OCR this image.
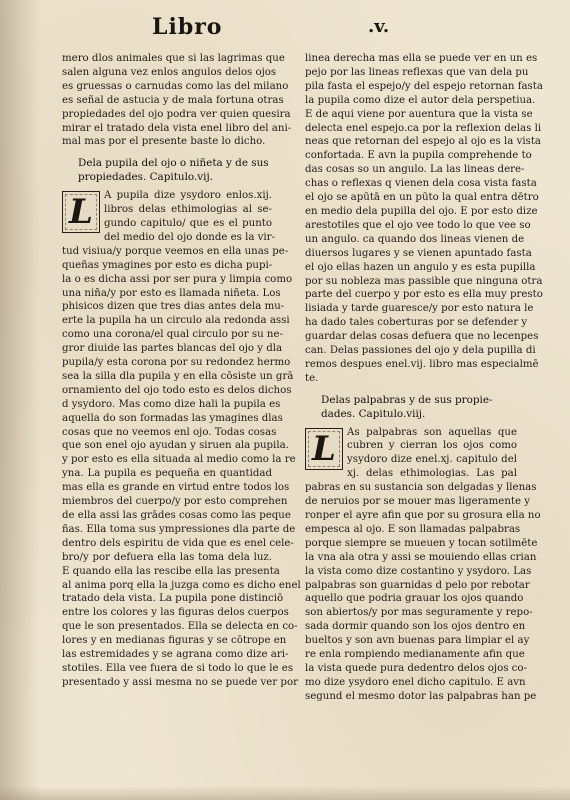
Libro	.v.
mero dlos animales que si las lagrimas que
salen alguna vez enlos angulos delos ojos
es gruessas o carnudas como las del milano
es señal de astucia y de mala fortuna otras
propiedades del ojo podra ver quien quesira
mirar el tratado dela vista enel libro del ani-
mal mas por el presente baste lo dicho.
Dela pupila del ojo o niñeta y de sus
propiedades. Capitulo.vij.
L	A pupila dize ysydoro enlos.xij.
libros delas ethimologias al se-
gundo capitulo/ que es el punto
del medio del ojo donde es la vir-
tud visiua/y porque veemos en ella unas pe-
queñas ymagines por esto es dicha pupi-
la o es dicha assi por ser pura y limpia como
una niña/y por esto es llamada niñeta. Los
phisicos dizen que tres dias antes dela mu-
erte la pupila ha un circulo ala redonda assi
como una corona/el qual circulo por su ne-
gror diuide las partes blancas del ojo y dla
pupila/y esta corona por su redondez hermo
sea la silla dla pupila y en ella cōsiste un grā
ornamiento del ojo todo esto es delos dichos
d ysydoro. Mas como dize hali la pupila es
aquella do son formadas las ymagines dlas
cosas que no veemos enl ojo. Todas cosas
que son enel ojo ayudan y siruen ala pupila.
y por esto es ella situada al medio como la re
yna. La pupila es pequeña en quantidad
mas ella es grande en virtud entre todos los
miembros del cuerpo/y por esto comprehen
de ella assi las grādes cosas como las peque
ñas. Ella toma sus ympressiones dla parte de
dentro dels espiritu de vida que es enel cele-
bro/y por defuera ella las toma dela luz.
E quando ella las rescibe ella las presenta
al anima porq ella la juzga como es dicho enel
tratado dela vista. La pupila pone distinciō
entre los colores y las figuras delos cuerpos
que le son presentados. Ella se delecta en co-
lores y en medianas figuras y se cōtrope en
las estremidades y se agrana como dize ari-
stotiles. Ella vee fuera de si todo lo que le es
presentado y assi mesma no se puede ver por
linea derecha mas ella se puede ver en un es
pejo por las lineas reflexas que van dela pu
pila fasta el espejo/y del espejo retornan fasta
la pupila como dize el autor dela perspetiua.
E de aqui viene por auentura que la vista se
delecta enel espejo.ca por la reflexion delas li
neas que retornan del espejo al ojo es la vista
confortada. E avn la pupila comprehende to
das cosas so un angulo. La las lineas dere-
chas o reflexas q vienen dela cosa vista fasta
el ojo se apūtā en un pūto la qual entra dētro
en medio dela pupilla del ojo. E por esto dize
arestotiles que el ojo vee todo lo que vee so
un angulo. ca quando dos lineas vienen de
diuersos lugares y se vienen apuntado fasta
el ojo ellas hazen un angulo y es esta pupilla
por su nobleza mas passible que ninguna otra
parte del cuerpo y por esto es ella muy presto
lisiada y tarde guaresce/y por esto natura le
ha dado tales coberturas por se defender y
guardar delas cosas defuera que no lecenpes
can. Delas passiones del ojo y dela pupilla di
remos despues enel.vij. libro mas especialmē
te.
Delas palpabras y de sus propie-
dades. Capitulo.viij.
L	As palpabras son aquellas que
cubren y cierran los ojos como
ysydoro dize enel.xj. capitulo del
xj. delas ethimologias. Las pal
pabras en su sustancia son delgadas y llenas
de neruios por se mouer mas ligeramente y
ronper el ayre afin que por su grosura ella no
empesca al ojo. E son llamadas palpabras
porque siempre se mueuen y tocan sotilmēte
la vna ala otra y assi se mouiendo ellas crian
la vista como dize costantino y ysydoro. Las
palpabras son guarnidas d pelo por rebotar
aquello que podria grauar los ojos quando
son abiertos/y por mas seguramente y repo-
sada dormir quando son los ojos dentro en
bueltos y son avn buenas para limpiar el ay
re enla rompiendo medianamente afin que
la vista quede pura dedentro delos ojos co-
mo dize ysydoro enel dicho capitulo. E avn
segund el mesmo dotor las palpabras han pe
